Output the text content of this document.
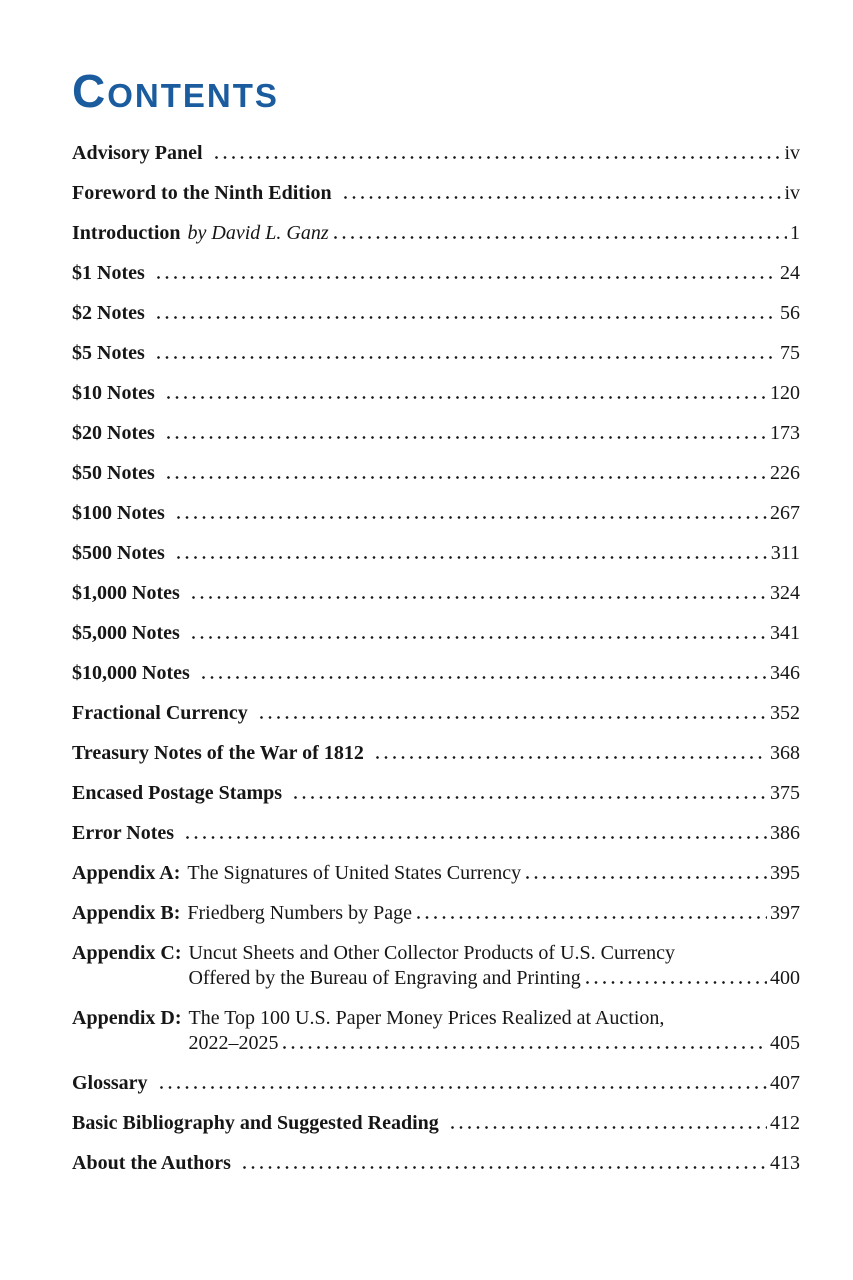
CONTENTS
Advisory Panel	iv
Foreword to the Ninth Edition	iv
Introduction by David L. Ganz	1
$1 Notes	24
$2 Notes	56
$5 Notes	75
$10 Notes	120
$20 Notes	173
$50 Notes	226
$100 Notes	267
$500 Notes	311
$1,000 Notes	324
$5,000 Notes	341
$10,000 Notes	346
Fractional Currency	352
Treasury Notes of the War of 1812	368
Encased Postage Stamps	375
Error Notes	386
Appendix A: The Signatures of United States Currency	395
Appendix B: Friedberg Numbers by Page	397
Appendix C: Uncut Sheets and Other Collector Products of U.S. Currency
Offered by the Bureau of Engraving and Printing	400
Appendix D: The Top 100 U.S. Paper Money Prices Realized at Auction,
2022–2025	405
Glossary	407
Basic Bibliography and Suggested Reading	412
About the Authors	413
